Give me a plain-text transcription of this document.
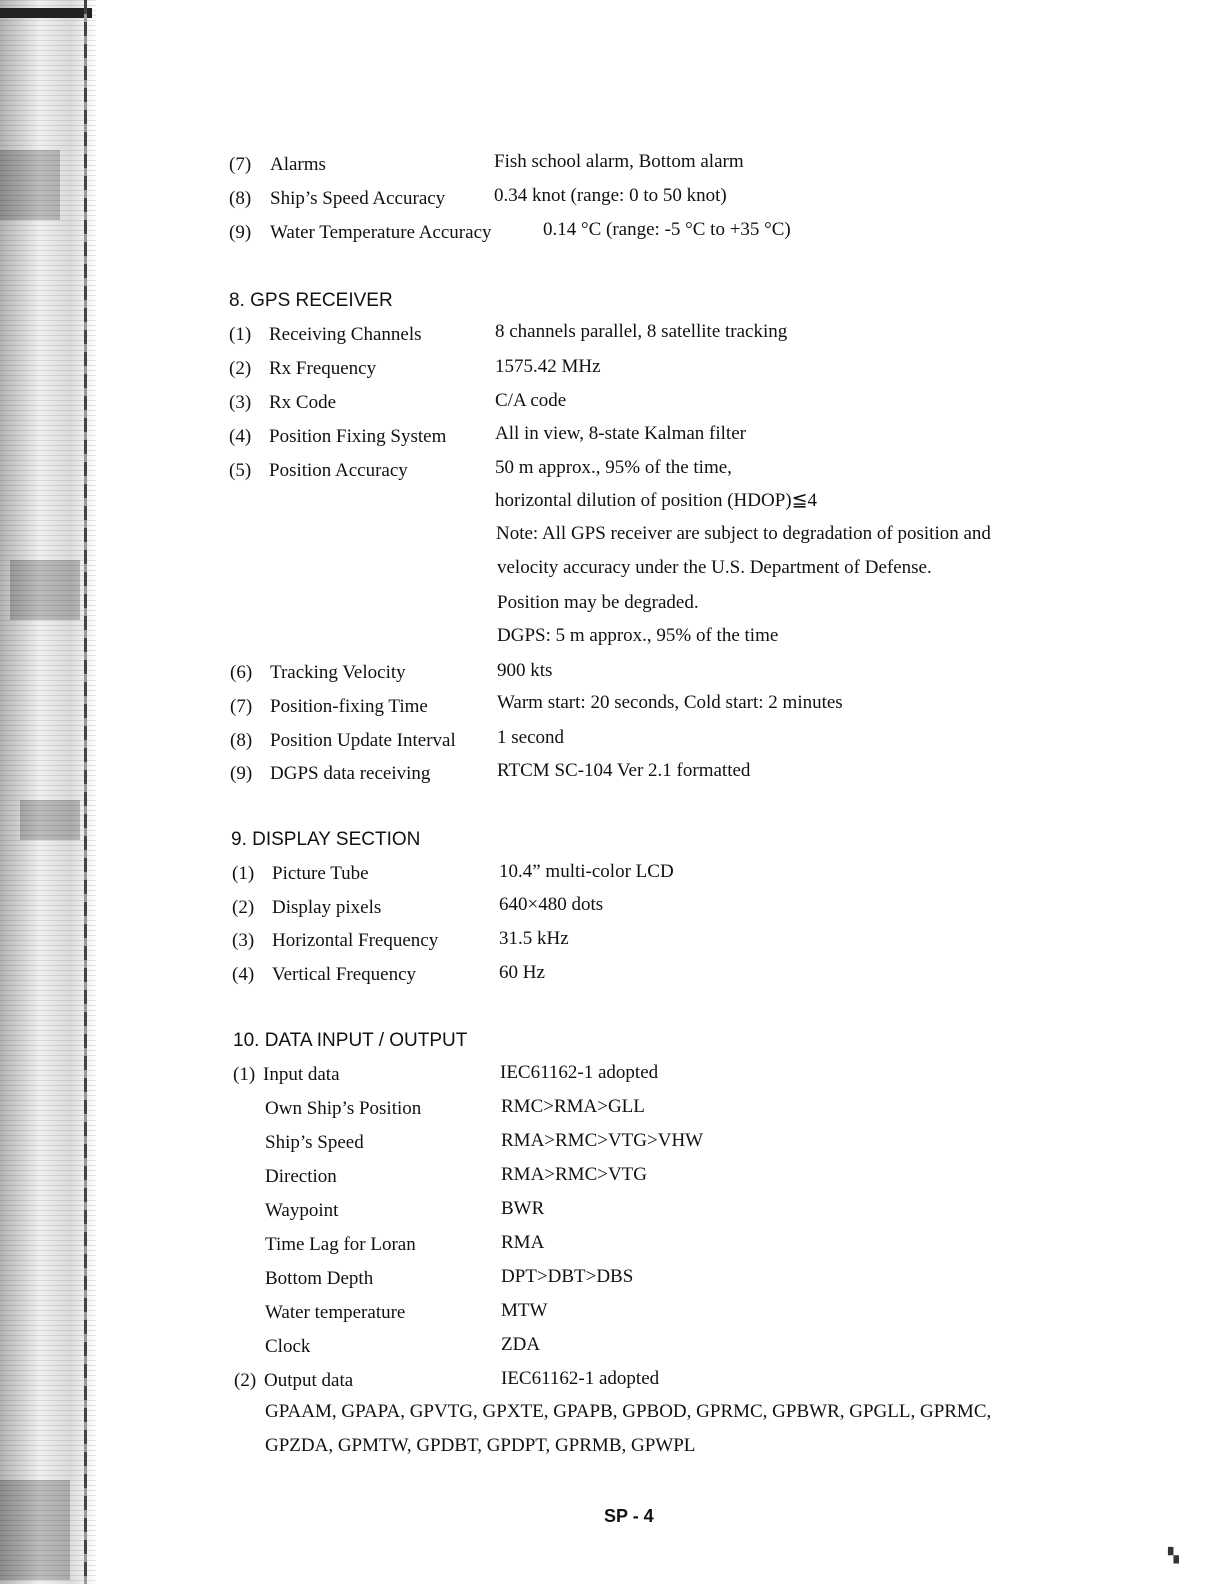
(7) Alarms	Fish school alarm, Bottom alarm
(8) Ship’s Speed Accuracy	0.34 knot (range: 0 to 50 knot)
(9) Water Temperature Accuracy	0.14 °C (range: -5 °C to +35 °C)
8. GPS RECEIVER
(1) Receiving Channels	8 channels parallel, 8 satellite tracking
(2) Rx Frequency	1575.42 MHz
(3) Rx Code	C/A code
(4) Position Fixing System	All in view, 8-state Kalman filter
(5) Position Accuracy	50 m approx., 95% of the time,
horizontal dilution of position (HDOP)≦4
Note: All GPS receiver are subject to degradation of position and
velocity accuracy under the U.S. Department of Defense.
Position may be degraded.
DGPS: 5 m approx., 95% of the time
(6) Tracking Velocity	900 kts
(7) Position-fixing Time	Warm start: 20 seconds, Cold start: 2 minutes
(8) Position Update Interval 1 second
(9) DGPS data receiving	RTCM SC-104 Ver 2.1 formatted
9. DISPLAY SECTION
(1) Picture Tube	10.4” multi-color LCD
(2) Display pixels	640×480 dots
(3) Horizontal Frequency	31.5 kHz
(4) Vertical Frequency	60 Hz
10. DATA INPUT / OUTPUT
(1) Input data	IEC61162-1 adopted
Own Ship’s Position	RMC>RMA>GLL
Ship’s Speed	RMA>RMC>VTG>VHW
Direction	RMA>RMC>VTG
Waypoint	BWR
Time Lag for Loran	RMA
Bottom Depth	DPT>DBT>DBS
Water temperature	MTW
Clock	ZDA
(2) Output data	IEC61162-1 adopted
GPAAM, GPAPA, GPVTG, GPXTE, GPAPB, GPBOD, GPRMC, GPBWR, GPGLL, GPRMC,
GPZDA, GPMTW, GPDBT, GPDPT, GPRMB, GPWPL
SP - 4
▚
